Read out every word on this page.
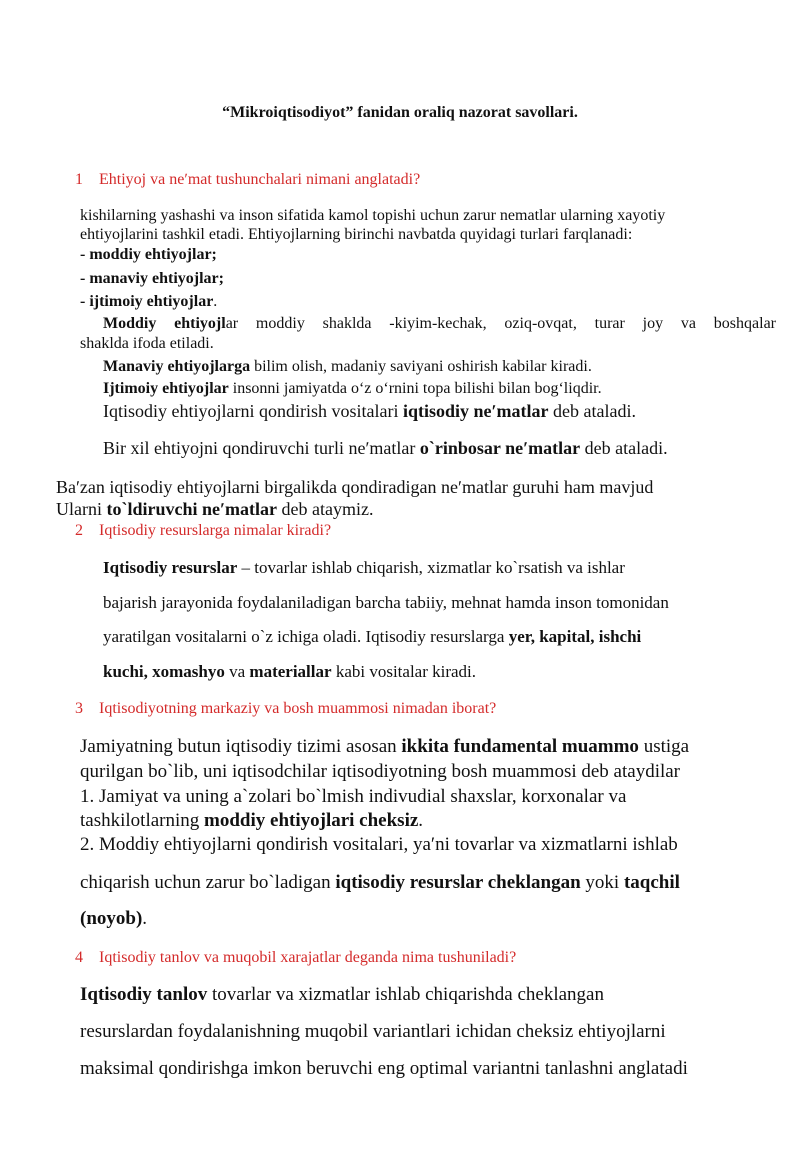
“Mikroiqtisodiyot” fanidan oraliq nazorat savollari.
1 Ehtiyoj va neʹmat tushunchalari nimani anglatadi?
kishilarning yashashi va inson sifatida kamol topishi uchun zarur nematlar ularning xayotiy
ehtiyojlarini tashkil etadi. Ehtiyojlarning birinchi navbatda quyidagi turlari farqlanadi:
- moddiy ehtiyojlar;
- manaviy ehtiyojlar;
- ijtimoiy ehtiyojlar.
Moddiy ehtiyojlar moddiy shaklda -kiyim-kechak, oziq-ovqat, turar joy va boshqalar
shaklda ifoda etiladi.
Manaviy ehtiyojlarga bilim olish, madaniy saviyani oshirish kabilar kiradi.
Ijtimoiy ehtiyojlar insonni jamiyatda o‘z o‘rnini topa bilishi bilan bog‘liqdir.
Iqtisodiy ehtiyojlarni qondirish vositalari iqtisodiy neʹmatlar deb ataladi.
Bir xil ehtiyojni qondiruvchi turli neʹmatlar o`rinbosar neʹmatlar deb ataladi.
Baʹzan iqtisodiy ehtiyojlarni birgalikda qondiradigan neʹmatlar guruhi ham mavjud
Ularni to`ldiruvchi neʹmatlar deb ataymiz.
2 Iqtisodiy resurslarga nimalar kiradi?
Iqtisodiy resurslar – tovarlar ishlab chiqarish, xizmatlar ko`rsatish va ishlar
bajarish jarayonida foydalaniladigan barcha tabiiy, mehnat hamda inson tomonidan
yaratilgan vositalarni o`z ichiga oladi. Iqtisodiy resurslarga yer, kapital, ishchi
kuchi, xomashyo va materiallar kabi vositalar kiradi.
3 Iqtisodiyotning markaziy va bosh muammosi nimadan iborat?
Jamiyatning butun iqtisodiy tizimi asosan ikkita fundamental muammo ustiga
qurilgan bo`lib, uni iqtisodchilar iqtisodiyotning bosh muammosi deb ataydilar
1. Jamiyat va uning a`zolari bo`lmish indivudial shaxslar, korxonalar va
tashkilotlarning moddiy ehtiyojlari cheksiz.
2. Moddiy ehtiyojlarni qondirish vositalari, yaʹni tovarlar va xizmatlarni ishlab
chiqarish uchun zarur bo`ladigan iqtisodiy resurslar cheklangan yoki taqchil
(noyob).
4 Iqtisodiy tanlov va muqobil xarajatlar deganda nima tushuniladi?
Iqtisodiy tanlov tovarlar va xizmatlar ishlab chiqarishda cheklangan
resurslardan foydalanishning muqobil variantlari ichidan cheksiz ehtiyojlarni
maksimal qondirishga imkon beruvchi eng optimal variantni tanlashni anglatadi
